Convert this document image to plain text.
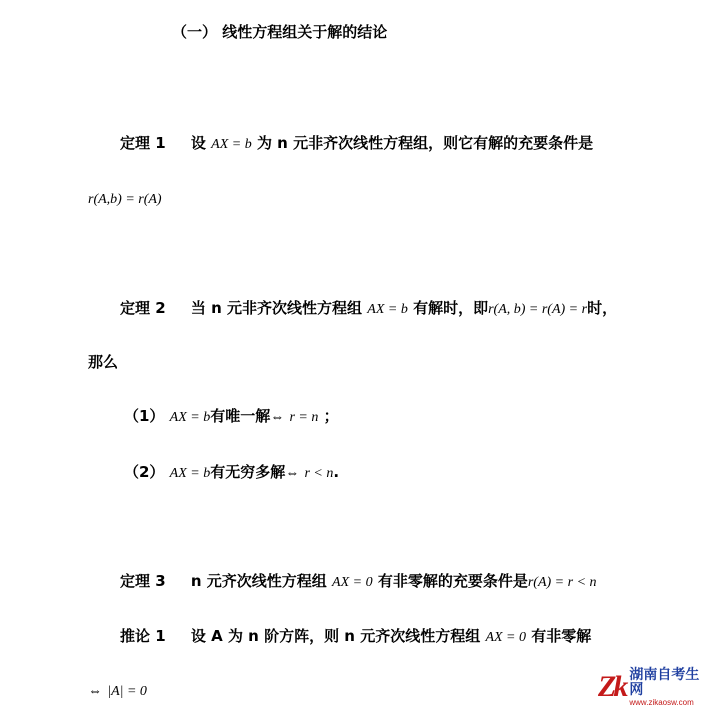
（一） 线性方程组关于解的结论
定理 1 设 AX = b 为 n 元非齐次线性方程组，则它有解的充要条件是
r(A,b) = r(A)
定理 2 当 n 元非齐次线性方程组 AX = b 有解时，即r(A, b) = r(A) = r时，
那么
（1） AX = b有唯一解⇔ r = n ；
（2） AX = b有无穷多解⇔ r < n.
定理 3 n 元齐次线性方程组 AX = 0 有非零解的充要条件是r(A) = r < n
推论 1 设 A 为 n 阶方阵，则 n 元齐次线性方程组 AX = 0 有非零解
⇔ |A| = 0	Zk 湖南自考生网
www.zikaosw.com
